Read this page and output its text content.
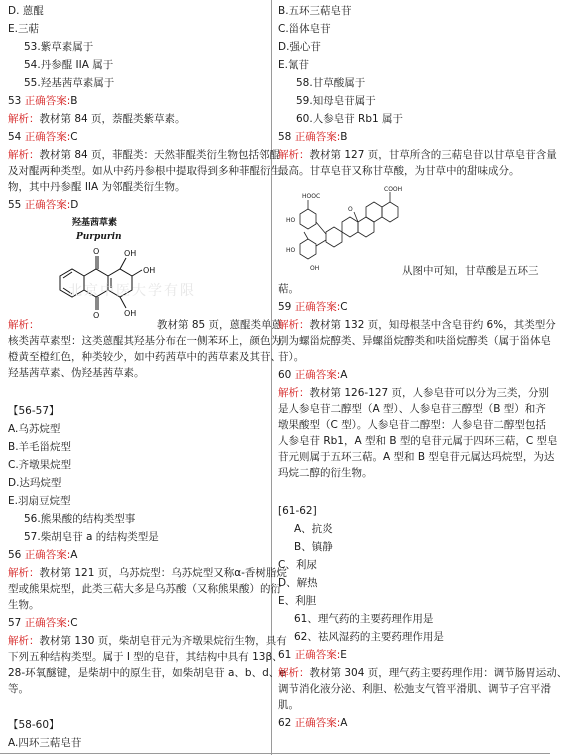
D. 蒽醌
E.三萜
53.紫草素属于
54.丹参醌 IIA 属于
55.羟基茜草素属于
53 正确答案:B
解析：教材第 84 页，萘醌类紫草素。
54 正确答案:C
解析：教材第 84 页，菲醌类：天然菲醌类衍生物包括邻醌
及对醌两种类型。如从中药丹参根中提取得到多种菲醌衍生
物，其中丹参醌 IIA 为邻醌类衍生物。
55 正确答案:D
羟基茜草素
Purpurin
O
O
OH
OH
OH
北京中医大学有限
解析：	教材第 85 页，蒽醌类单蒽
核类茜草素型：这类蒽醌其羟基分布在一侧苯环上，颜色为
橙黄至橙红色，种类较少，如中药茜草中的茜草素及其苷、
羟基茜草素、伪羟基茜草素。
【56-57】
A.乌苏烷型
B.羊毛甾烷型
C.齐墩果烷型
D.达玛烷型
E.羽扇豆烷型
56.熊果酸的结构类型事
57.柴胡皂苷 a 的结构类型是
56 正确答案:A
解析：教材第 121 页，乌苏烷型：乌苏烷型又称α-香树脂烷
型或熊果烷型，此类三萜大多是乌苏酸（又称熊果酸）的衍
生物。
57 正确答案:C
解析：教材第 130 页，柴胡皂苷元为齐墩果烷衍生物，具有
下列五种结构类型。属于 I 型的皂苷，其结构中具有 13β、
28-环氧醚键，是柴胡中的原生苷，如柴胡皂苷 a、b、d、e
等。
【58-60】
A.四环三萜皂苷
B.五环三萜皂苷
C.甾体皂苷
D.强心苷
E.氰苷
58.甘草酸属于
59.知母皂苷属于
60.人参皂苷 Rb1 属于
58 正确答案:B
解析：教材第 127 页，甘草所含的三萜皂苷以甘草皂苷含量
最高。甘草皂苷又称甘草酸，为甘草中的甜味成分。
COOH
HOOC
HO
HO
OH
O
从图中可知，甘草酸是五环三
萜。
59 正确答案:C
解析：教材第 132 页，知母根茎中含皂苷约 6%，其类型分
别为螺甾烷醇类、异螺甾烷醇类和呋甾烷醇类（属于甾体皂
苷）。
60 正确答案:A
解析：教材第 126-127 页，人参皂苷可以分为三类，分别
是人参皂苷二醇型（A 型）、人参皂苷三醇型（B 型）和齐
墩果酸型（C 型）。人参皂苷二醇型：人参皂苷二醇型包括
人参皂苷 Rb1，A 型和 B 型的皂苷元属于四环三萜，C 型皂
苷元则属于五环三萜。A 型和 B 型皂苷元属达玛烷型，为达
玛烷二醇的衍生物。
[61-62]
A、抗炎
B、镇静
C、利尿
D、解热
E、利胆
61、理气药的主要药理作用是
62、祛风湿药的主要药理作用是
61 正确答案:E
解析：教材第 304 页，理气药主要药理作用：调节肠胃运动、
调节消化液分泌、利胆、松弛支气管平滑肌、调节子宫平滑
肌。
62 正确答案:A
